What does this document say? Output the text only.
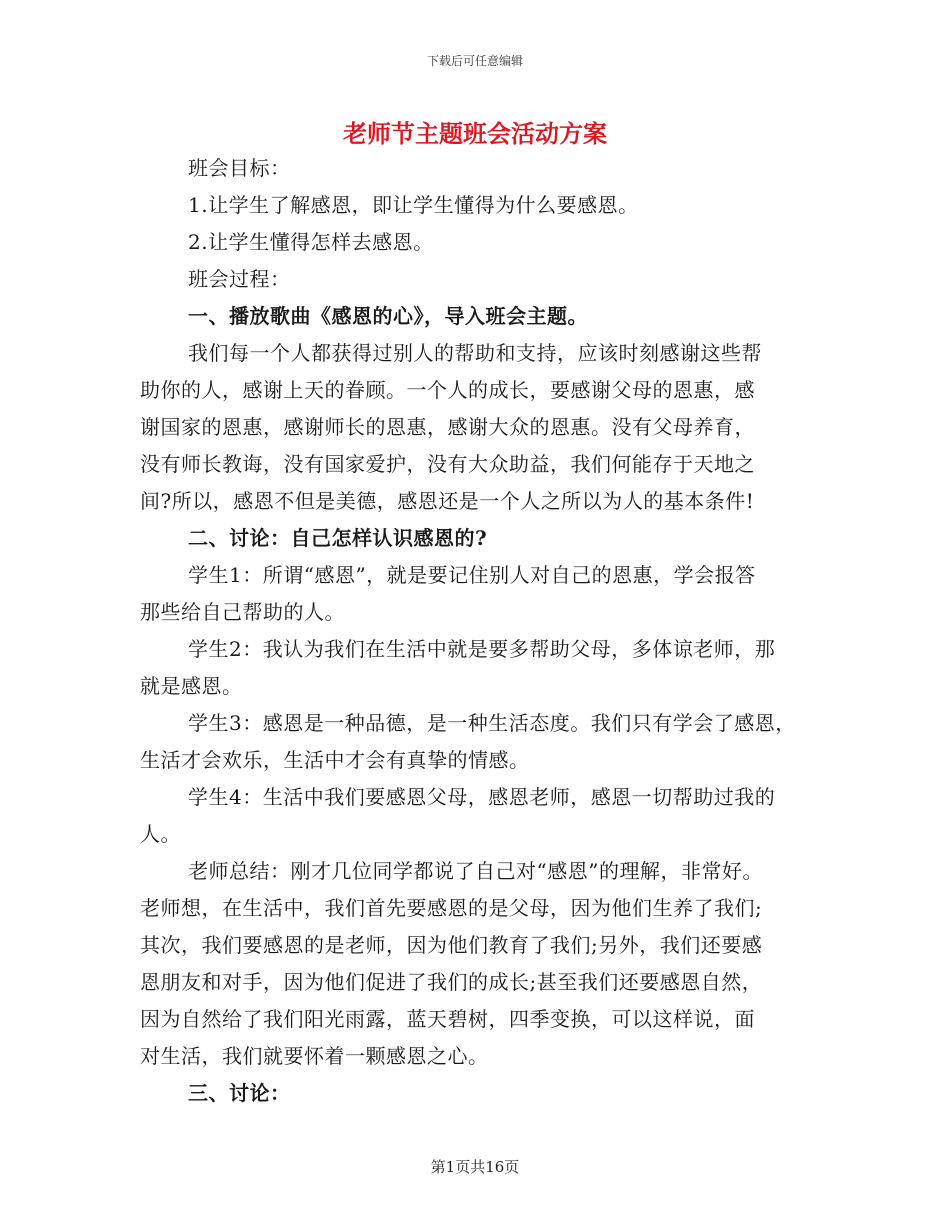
下载后可任意编辑
老师节主题班会活动方案
班会目标：
1.让学生了解感恩，即让学生懂得为什么要感恩。
2.让学生懂得怎样去感恩。
班会过程：
一、播放歌曲《感恩的心》，导入班会主题。
我们每一个人都获得过别人的帮助和支持，应该时刻感谢这些帮
助你的人，感谢上天的眷顾。一个人的成长，要感谢父母的恩惠，感
谢国家的恩惠，感谢师长的恩惠，感谢大众的恩惠。没有父母养育，
没有师长教诲，没有国家爱护，没有大众助益，我们何能存于天地之
间?所以，感恩不但是美德，感恩还是一个人之所以为人的基本条件!
二、讨论：自己怎样认识感恩的?
学生1：所谓“感恩”，就是要记住别人对自己的恩惠，学会报答
那些给自己帮助的人。
学生2：我认为我们在生活中就是要多帮助父母，多体谅老师，那
就是感恩。
学生3：感恩是一种品德，是一种生活态度。我们只有学会了感恩，
生活才会欢乐，生活中才会有真挚的情感。
学生4：生活中我们要感恩父母，感恩老师，感恩一切帮助过我的
人。
老师总结：刚才几位同学都说了自己对“感恩”的理解，非常好。
老师想，在生活中，我们首先要感恩的是父母，因为他们生养了我们;
其次，我们要感恩的是老师，因为他们教育了我们;另外，我们还要感
恩朋友和对手，因为他们促进了我们的成长;甚至我们还要感恩自然，
因为自然给了我们阳光雨露，蓝天碧树，四季变换，可以这样说，面
对生活，我们就要怀着一颗感恩之心。
三、讨论：
第1页共16页
